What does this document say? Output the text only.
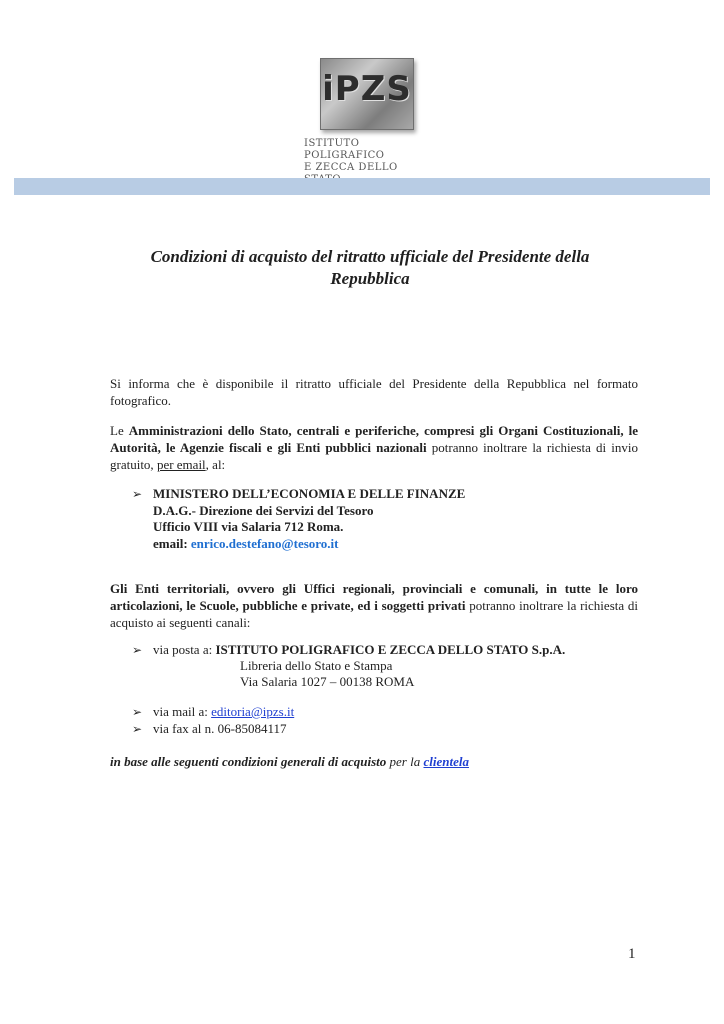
iPZS
ISTITUTO POLIGRAFICO
E ZECCA DELLO
Condizioni di acquisto del ritratto ufficiale del Presidente della Repubblica
Si informa che è disponibile il ritratto ufficiale del Presidente della Repubblica nel formato fotografico.
Le Amministrazioni dello Stato, centrali e periferiche, compresi gli Organi Costituzionali, le Autorità, le Agenzie fiscali e gli Enti pubblici nazionali potranno inoltrare la richiesta di invio gratuito, per email, al:
➢ MINISTERO DELL’ECONOMIA E DELLE FINANZE
D.A.G.- Direzione dei Servizi del Tesoro
Ufficio VIII via Salaria 712 Roma.
email: enrico.destefano@tesoro.it
Gli Enti territoriali, ovvero gli Uffici regionali, provinciali e comunali, in tutte le loro articolazioni, le Scuole, pubbliche e private, ed i soggetti privati potranno inoltrare la richiesta di acquisto ai seguenti canali:
➢ via posta a: ISTITUTO POLIGRAFICO E ZECCA DELLO STATO S.p.A.
Libreria dello Stato e Stampa
Via Salaria 1027 – 00138 ROMA
➢ via mail a: editoria@ipzs.it
➢ via fax al n. 06-85084117
in base alle seguenti condizioni generali di acquisto per la clientela
1
